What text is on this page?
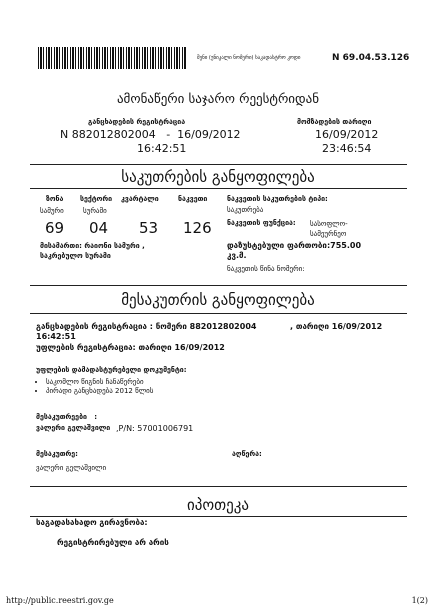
შენი (უნიკალი ნომერი) საკადასტრო კოდი	N 69.04.53.126
ამონაწერი საჯარო რეესტრიდან
განცხადების რეგისტრაცია	მომზადების თარიღი
N 882012802004   -  16/09/2012
16:42:51
16/09/2012
23:46:54
საკუთრების განყოფილება
ზონა სექტორი კვარტალი	ნაკვეთი
სამური	სურამი
69 04 53 126
მისამართი: რაიონი სამური ,
საკრებულო სურამი
ნაკვეთის საკუთრების ტიპი:
საკუთრება
ნაკვეთის ფუნქცია: სასოფლო-
სამეურნეო
დაზუსტებული ფართობი:755.00
კვ.მ.
ნაკვეთის წინა ნომერი:
მესაკუთრის განყოფილება
განცხადების რეგისტრაცია : ნომერი 882012802004	, თარიღი 16/09/2012
16:42:51
უფლების რეგისტრაცია: თარიღი 16/09/2012
უფლების დამადასტურებელი დოკუმენტი:
• საკომლო წიგნის ჩანაწერები
• პირადი განცხადება 2012 წლის
მესაკუთრეები   :
ვალერი გელაშვილი ,P/N: 57001006791
მესაკუთრე:	აღწერა:
ვალერი გელაშვილი
იპოთეკა
საგადასახადო გირავნობა:
რეგისტრირებული არ არის
http://public.reestri.gov.ge	1(2)
